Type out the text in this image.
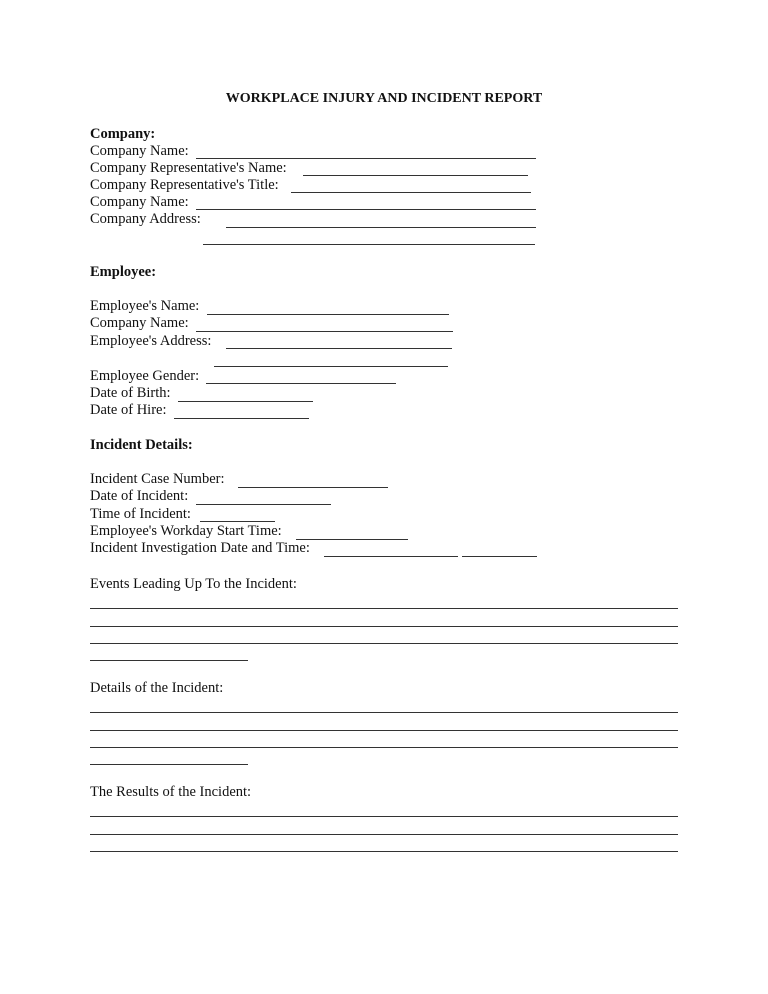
WORKPLACE INJURY AND INCIDENT REPORT
Company:
Company Name:
Company Representative's Name:
Company Representative's Title:
Company Name:
Company Address:
Employee:
Employee's Name:
Company Name:
Employee's Address:
Employee Gender:
Date of Birth:
Date of Hire:
Incident Details:
Incident Case Number:
Date of Incident:
Time of Incident:
Employee's Workday Start Time:
Incident Investigation Date and Time:
Events Leading Up To the Incident:
Details of the Incident:
The Results of the Incident:
